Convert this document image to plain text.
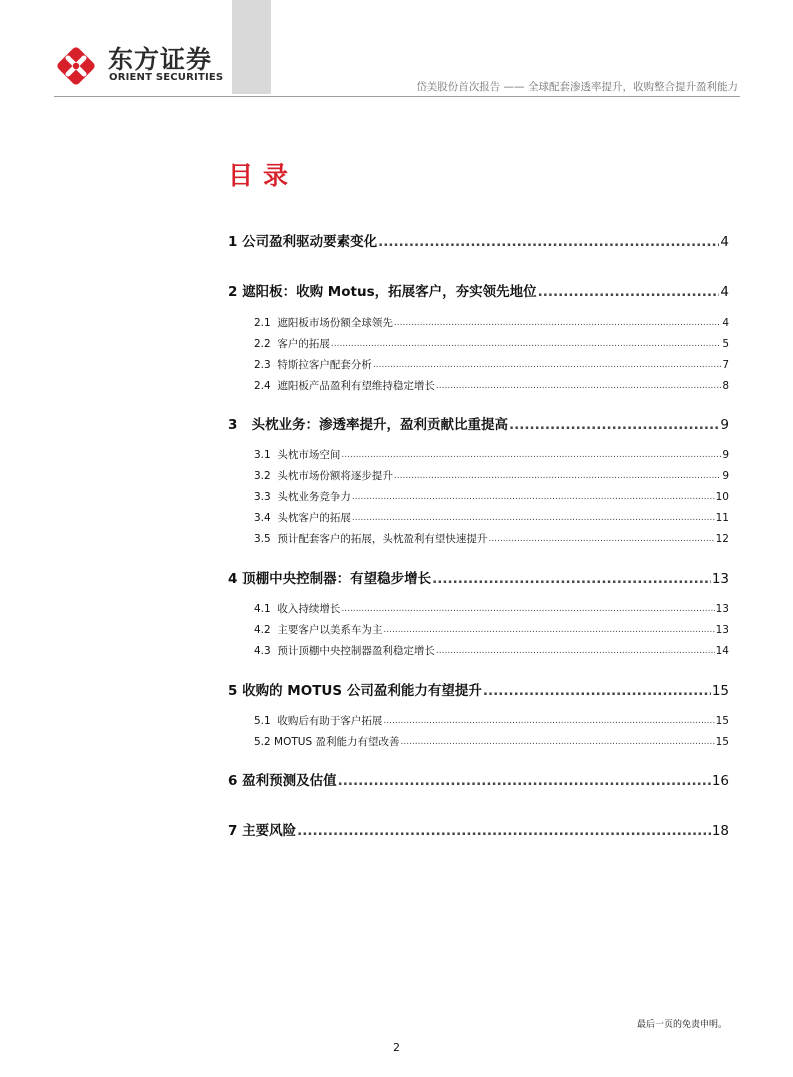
东方证券
ORIENT SECURITIES
岱美股份首次报告 —— 全球配套渗透率提升，收购整合提升盈利能力
目录
1 公司盈利驱动要素变化 .....	4
2 遮阳板：收购 Motus，拓展客户，夯实领先地位 .....	4
2.1 遮阳板市场份额全球领先 .....	4
2.2 客户的拓展 .....	5
2.3 特斯拉客户配套分析 .....	7
2.4 遮阳板产品盈利有望维持稳定增长 .....	8
3 头枕业务：渗透率提升，盈利贡献比重提高 .....	9
3.1 头枕市场空间 .....	9
3.2 头枕市场份额将逐步提升 .....	9
3.3 头枕业务竞争力 .....	10
3.4 头枕客户的拓展 .....	11
3.5 预计配套客户的拓展，头枕盈利有望快速提升 .....	12
4 顶棚中央控制器：有望稳步增长 .....	13
4.1 收入持续增长 .....	13
4.2 主要客户以美系车为主 .....	13
4.3 预计顶棚中央控制器盈利稳定增长 .....	14
5 收购的 MOTUS 公司盈利能力有望提升 .....	15
5.1 收购后有助于客户拓展 .....	15
5.2 MOTUS 盈利能力有望改善 .....	15
6 盈利预测及估值 .....	16
7 主要风险 .....	18
最后一页的免责申明。
2
